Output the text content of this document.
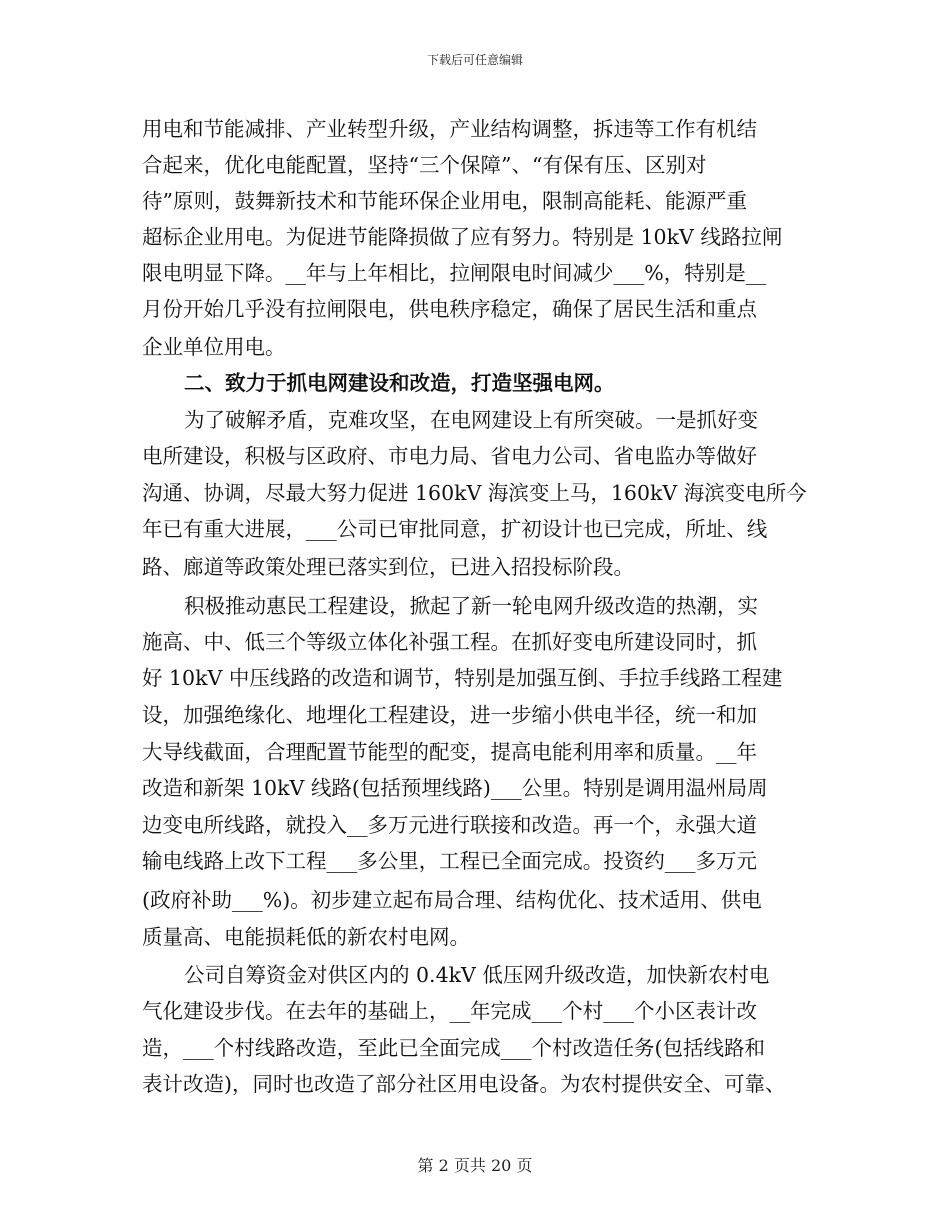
下载后可任意编辑

用电和节能减排、产业转型升级，产业结构调整，拆违等工作有机结

合起来，优化电能配置，坚持“三个保障”、“有保有压、区别对

待”原则，鼓舞新技术和节能环保企业用电，限制高能耗、能源严重

超标企业用电。为促进节能降损做了应有努力。特别是 10kV 线路拉闸

限电明显下降。__年与上年相比，拉闸限电时间减少___%，特别是__

月份开始几乎没有拉闸限电，供电秩序稳定，确保了居民生活和重点

企业单位用电。

二、致力于抓电网建设和改造，打造坚强电网。

为了破解矛盾，克难攻坚，在电网建设上有所突破。一是抓好变

电所建设，积极与区政府、市电力局、省电力公司、省电监办等做好

沟通、协调，尽最大努力促进 160kV 海滨变上马，160kV 海滨变电所今

年已有重大进展，___公司已审批同意，扩初设计也已完成，所址、线

路、廊道等政策处理已落实到位，已进入招投标阶段。

积极推动惠民工程建设，掀起了新一轮电网升级改造的热潮，实

施高、中、低三个等级立体化补强工程。在抓好变电所建设同时，抓

好 10kV 中压线路的改造和调节，特别是加强互倒、手拉手线路工程建

设，加强绝缘化、地埋化工程建设，进一步缩小供电半径，统一和加

大导线截面，合理配置节能型的配变，提高电能利用率和质量。__年

改造和新架 10kV 线路(包括预埋线路)___公里。特别是调用温州局周

边变电所线路，就投入__多万元进行联接和改造。再一个，永强大道

输电线路上改下工程___多公里，工程已全面完成。投资约___多万元

(政府补助___%)。初步建立起布局合理、结构优化、技术适用、供电

质量高、电能损耗低的新农村电网。

公司自筹资金对供区内的 0.4kV 低压网升级改造，加快新农村电

气化建设步伐。在去年的基础上，__年完成___个村___个小区表计改

造，___个村线路改造，至此已全面完成___个村改造任务(包括线路和

表计改造)，同时也改造了部分社区用电设备。为农村提供安全、可靠、

第 2 页共 20 页
